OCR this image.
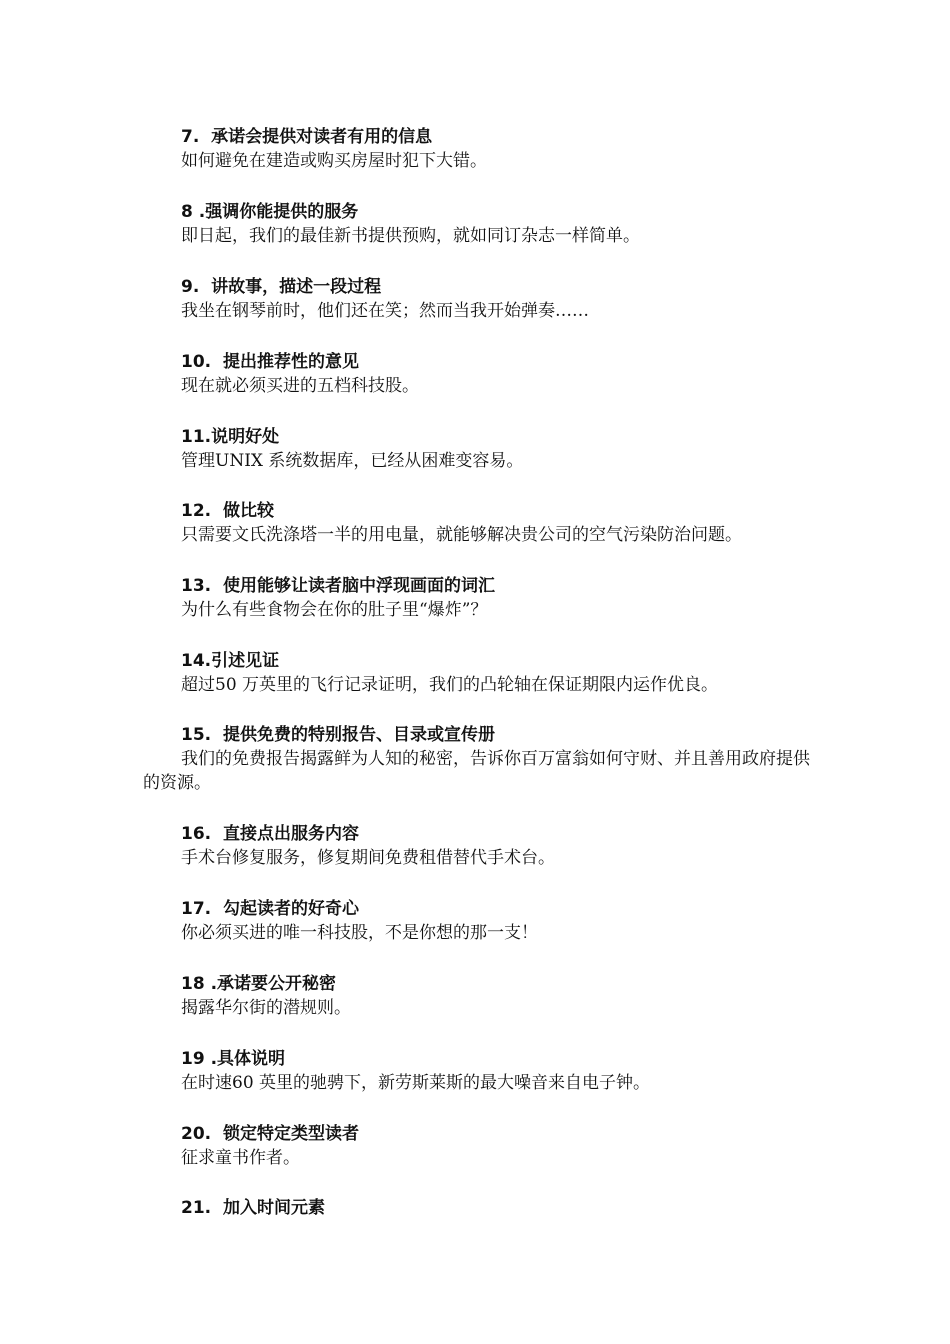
7.  承诺会提供对读者有用的信息
如何避免在建造或购买房屋时犯下大错。
8 .强调你能提供的服务
即日起，我们的最佳新书提供预购，就如同订杂志一样简单。
9.  讲故事，描述一段过程
我坐在钢琴前时，他们还在笑；然而当我开始弹奏……
10.  提出推荐性的意见
现在就必须买进的五档科技股。
11.说明好处
管理UNIX 系统数据库，已经从困难变容易。
12.  做比较
只需要文氏洗涤塔一半的用电量，就能够解决贵公司的空气污染防治问题。
13.  使用能够让读者脑中浮现画面的词汇
为什么有些食物会在你的肚子里“爆炸”？
14.引述见证
超过50 万英里的飞行记录证明，我们的凸轮轴在保证期限内运作优良。
15.  提供免费的特别报告、目录或宣传册
我们的免费报告揭露鲜为人知的秘密，告诉你百万富翁如何守财、并且善用政府提供的资源。
16.  直接点出服务内容
手术台修复服务，修复期间免费租借替代手术台。
17.  勾起读者的好奇心
你必须买进的唯一科技股，不是你想的那一支！
18 .承诺要公开秘密
揭露华尔街的潜规则。
19 .具体说明
在时速60 英里的驰骋下，新劳斯莱斯的最大噪音来自电子钟。
20.  锁定特定类型读者
征求童书作者。
21.  加入时间元素
